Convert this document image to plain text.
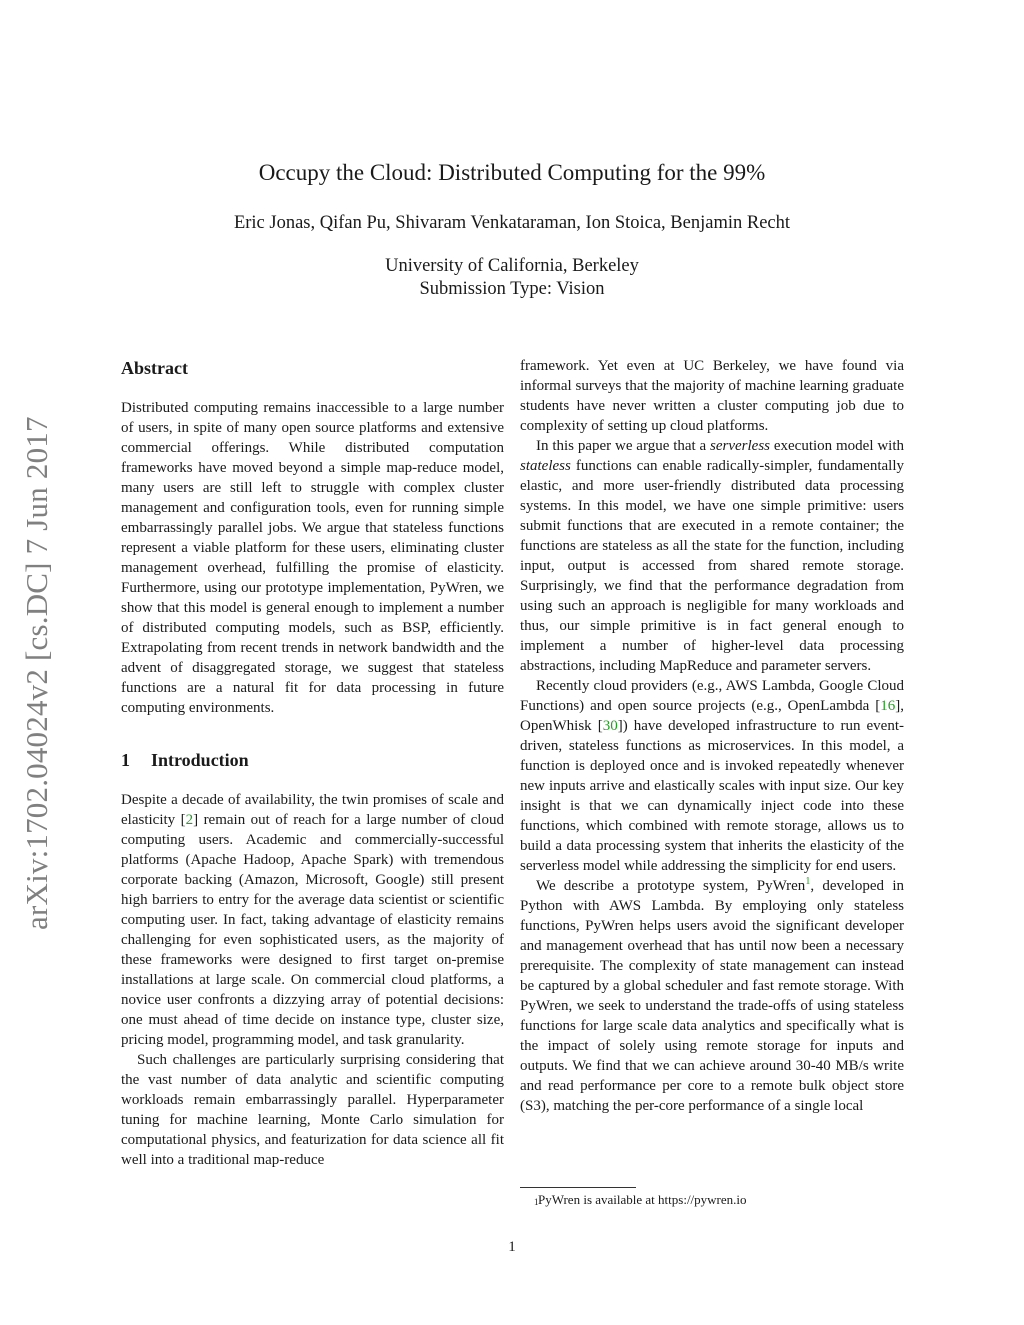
arXiv:1702.04024v2 [cs.DC] 7 Jun 2017
Occupy the Cloud: Distributed Computing for the 99%
Eric Jonas, Qifan Pu, Shivaram Venkataraman, Ion Stoica, Benjamin Recht
University of California, Berkeley
Submission Type: Vision
Abstract

Distributed computing remains inaccessible to a large number of users, in spite of many open source platforms and extensive commercial offerings. While distributed computation frameworks have moved beyond a simple map-reduce model, many users are still left to struggle with complex cluster management and configuration tools, even for running simple embarrassingly parallel jobs. We argue that stateless functions represent a viable platform for these users, eliminating cluster management overhead, fulfilling the promise of elasticity. Furthermore, using our prototype implementation, PyWren, we show that this model is general enough to implement a number of distributed computing models, such as BSP, efficiently. Extrapolating from recent trends in network bandwidth and the advent of disaggregated storage, we suggest that stateless functions are a natural fit for data processing in future computing environments.

1 Introduction

Despite a decade of availability, the twin promises of scale and elasticity [2] remain out of reach for a large number of cloud computing users. Academic and commercially-successful platforms (Apache Hadoop, Apache Spark) with tremendous corporate backing (Amazon, Microsoft, Google) still present high barriers to entry for the average data scientist or scientific computing user. In fact, taking advantage of elasticity remains challenging for even sophisticated users, as the majority of these frameworks were designed to first target on-premise installations at large scale. On commercial cloud platforms, a novice user confronts a dizzying array of potential decisions: one must ahead of time decide on instance type, cluster size, pricing model, programming model, and task granularity.

Such challenges are particularly surprising considering that the vast number of data analytic and scientific computing workloads remain embarrassingly parallel. Hyperparameter tuning for machine learning, Monte Carlo simulation for computational physics, and featurization for data science all fit well into a traditional map-reduce

framework. Yet even at UC Berkeley, we have found via informal surveys that the majority of machine learning graduate students have never written a cluster computing job due to complexity of setting up cloud platforms.

In this paper we argue that a serverless execution model with stateless functions can enable radically-simpler, fundamentally elastic, and more user-friendly distributed data processing systems. In this model, we have one simple primitive: users submit functions that are executed in a remote container; the functions are stateless as all the state for the function, including input, output is accessed from shared remote storage. Surprisingly, we find that the performance degradation from using such an approach is negligible for many workloads and thus, our simple primitive is in fact general enough to implement a number of higher-level data processing abstractions, including MapReduce and parameter servers.

Recently cloud providers (e.g., AWS Lambda, Google Cloud Functions) and open source projects (e.g., OpenLambda [16], OpenWhisk [30]) have developed infrastructure to run event-driven, stateless functions as microservices. In this model, a function is deployed once and is invoked repeatedly whenever new inputs arrive and elastically scales with input size. Our key insight is that we can dynamically inject code into these functions, which combined with remote storage, allows us to build a data processing system that inherits the elasticity of the serverless model while addressing the simplicity for end users.

We describe a prototype system, PyWren$^1$, developed in Python with AWS Lambda. By employing only stateless functions, PyWren helps users avoid the significant developer and management overhead that has until now been a necessary prerequisite. The complexity of state management can instead be captured by a global scheduler and fast remote storage. With PyWren, we seek to understand the trade-offs of using stateless functions for large scale data analytics and specifically what is the impact of solely using remote storage for inputs and outputs. We find that we can achieve around 30-40 MB/s write and read performance per core to a remote bulk object store (S3), matching the per-core performance of a single local

1 PyWren is available at https://pywren.io
1
